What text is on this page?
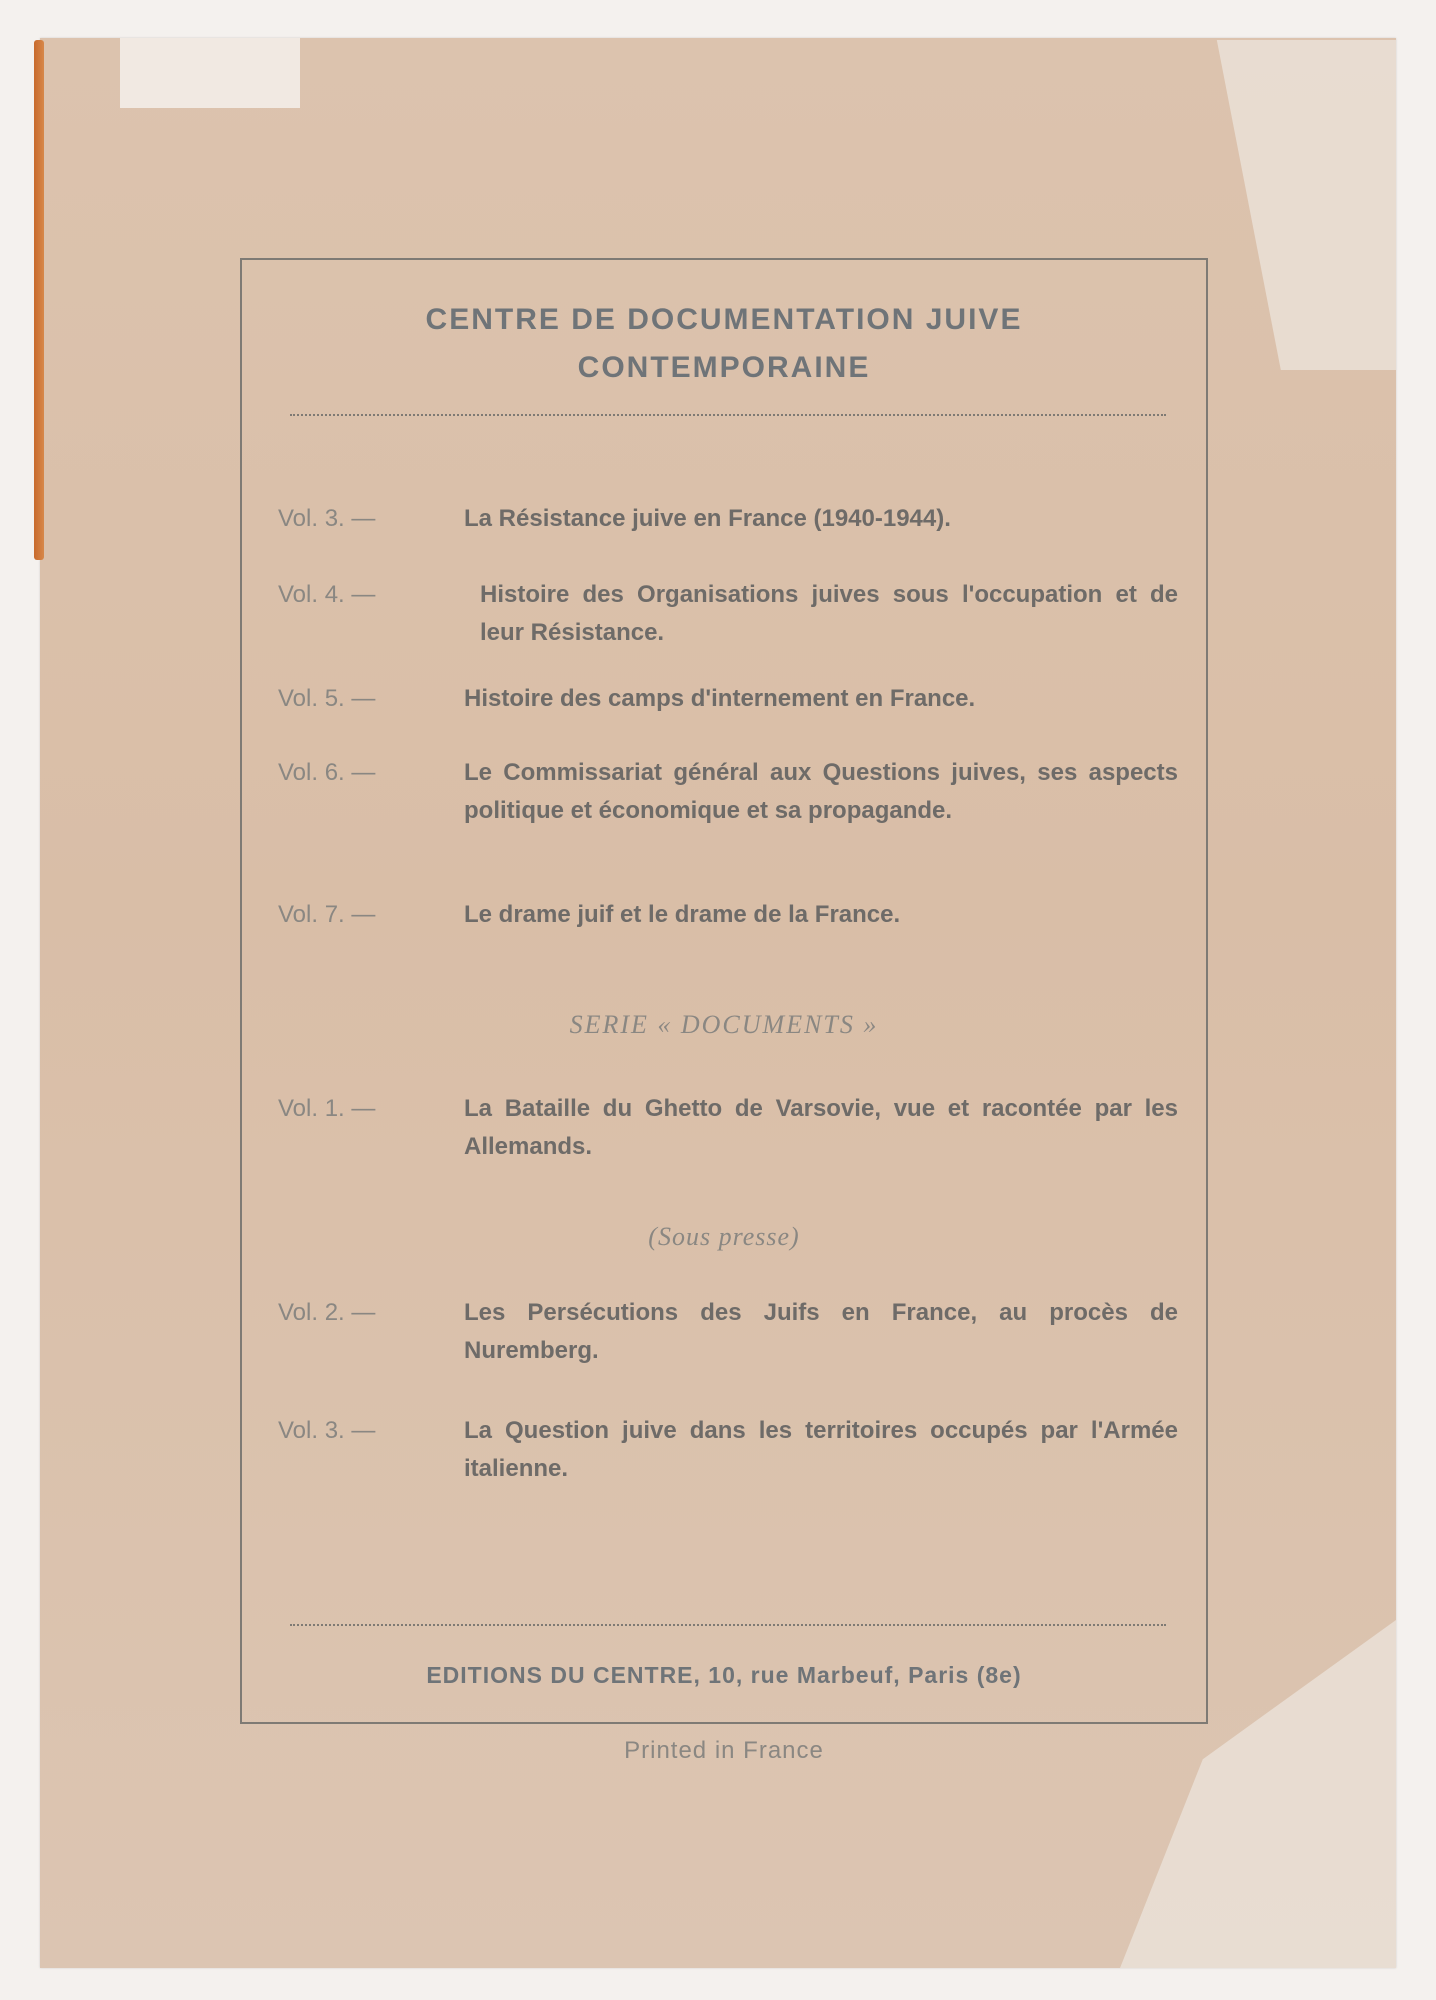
CENTRE DE DOCUMENTATION JUIVE
CONTEMPORAINE
Vol. 3. —	La Résistance juive en France (1940-1944).
Vol. 4. —	Histoire des Organisations juives sous l'occupation et de leur Résistance.
Vol. 5. —	Histoire des camps d'internement en France.
Vol. 6. —	Le Commissariat général aux Questions juives, ses aspects politique et économique et sa propagande.
Vol. 7. —	Le drame juif et le drame de la France.
SERIE « DOCUMENTS »
Vol. 1. —	La Bataille du Ghetto de Varsovie, vue et racontée par les Allemands.
(Sous presse)
Vol. 2. —	Les Persécutions des Juifs en France, au procès de Nuremberg.
Vol. 3. —	La Question juive dans les territoires occupés par l'Armée italienne.
EDITIONS DU CENTRE, 10, rue Marbeuf, Paris (8e)
Printed in France
